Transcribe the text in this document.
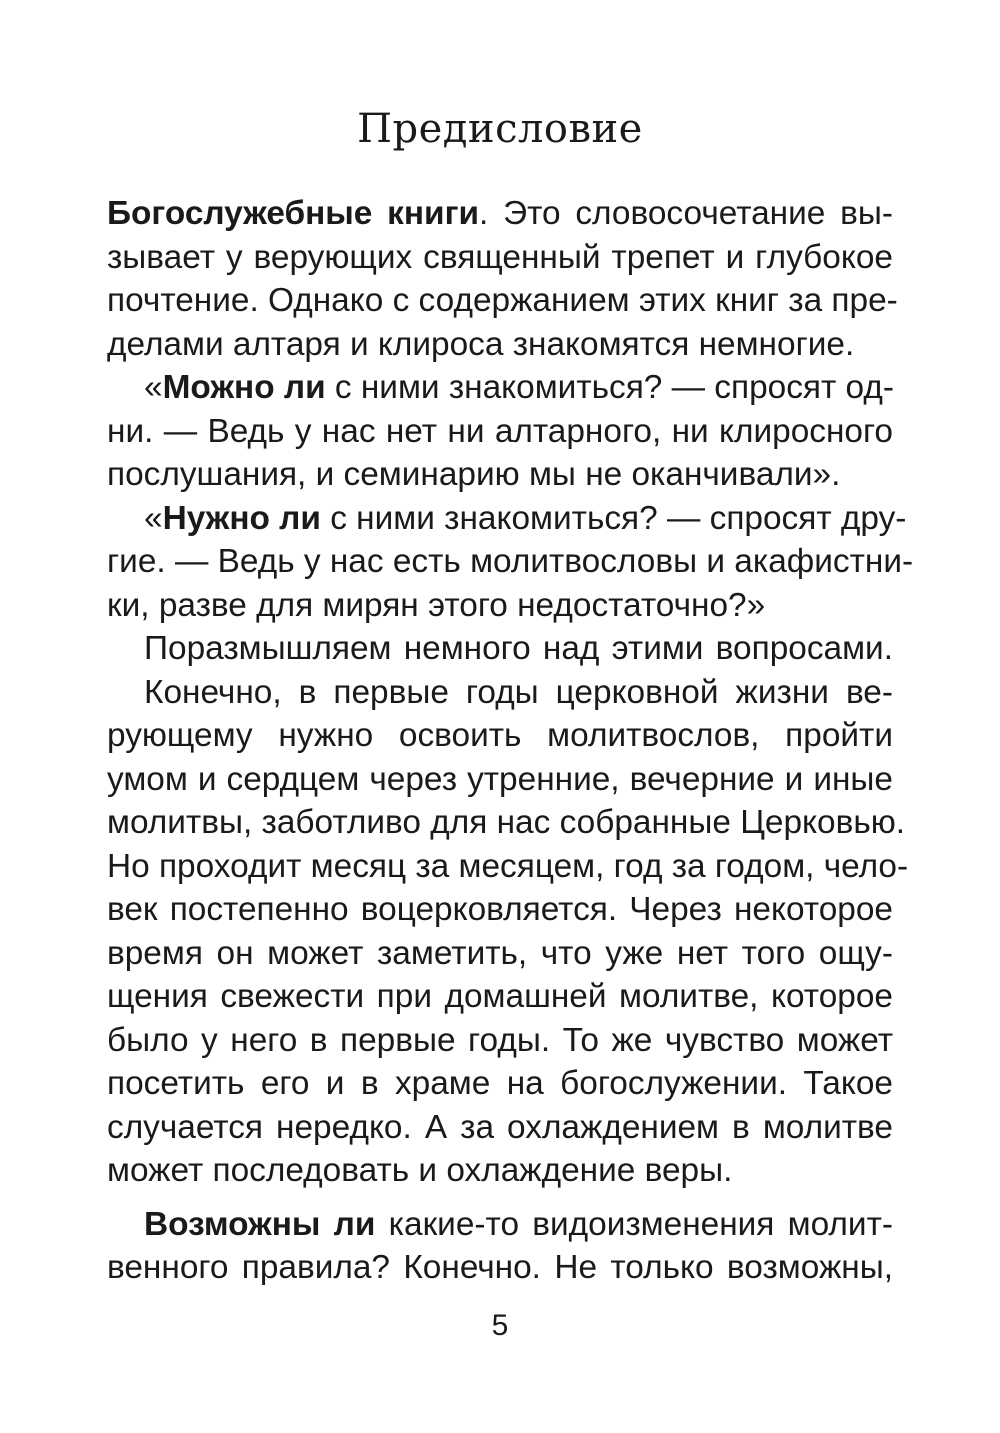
Предисловие
Богослужебные книги. Это словосочетание вы-
зывает у верующих священный трепет и глубокое
почтение. Однако с содержанием этих книг за пре-
делами алтаря и клироса знакомятся немногие.
«Можно ли с ними знакомиться? — спросят од-
ни. — Ведь у нас нет ни алтарного, ни клиросного
послушания, и семинарию мы не оканчивали».
«Нужно ли с ними знакомиться? — спросят дру-
гие. — Ведь у нас есть молитвословы и акафистни-
ки, разве для мирян этого недостаточно?»
Поразмышляем немного над этими вопросами.
Конечно, в первые годы церковной жизни ве-
рующему нужно освоить молитвослов, пройти
умом и сердцем через утренние, вечерние и иные
молитвы, заботливо для нас собранные Церковью.
Но проходит месяц за месяцем, год за годом, чело-
век постепенно воцерковляется. Через некоторое
время он может заметить, что уже нет того ощу-
щения свежести при домашней молитве, которое
было у него в первые годы. То же чувство может
посетить его и в храме на богослужении. Такое
случается нередко. А за охлаждением в молитве
может последовать и охлаждение веры.
Возможны ли какие-то видоизменения молит-
венного правила? Конечно. Не только возможны,
5
